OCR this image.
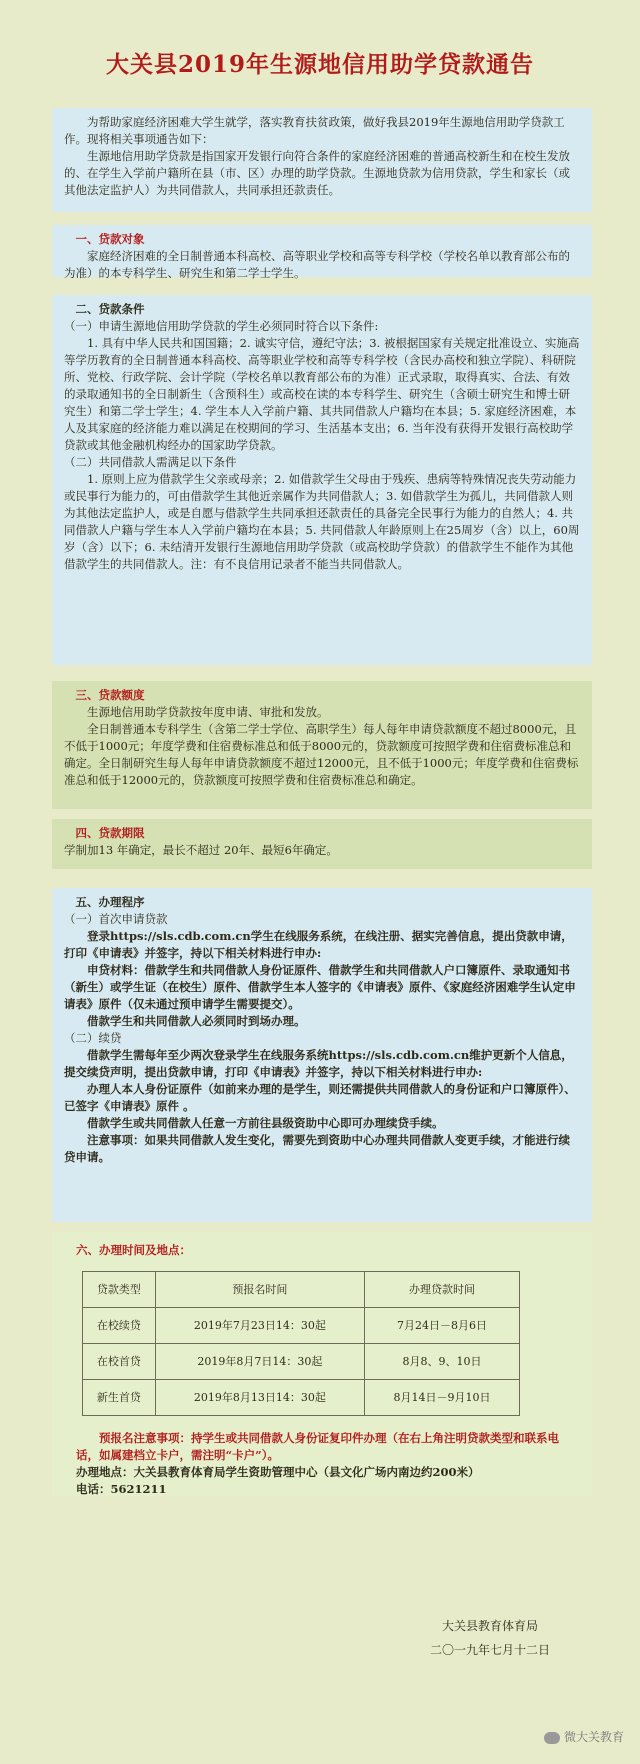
大关县2019年生源地信用助学贷款通告

为帮助家庭经济困难大学生就学，落实教育扶贫政策，做好我县2019年生源地信用助学贷款工作。现将相关事项通告如下：

生源地信用助学贷款是指国家开发银行向符合条件的家庭经济困难的普通高校新生和在校生发放的、在学生入学前户籍所在县（市、区）办理的助学贷款。生源地贷款为信用贷款，学生和家长（或其他法定监护人）为共同借款人，共同承担还款责任。

一、贷款对象

家庭经济困难的全日制普通本科高校、高等职业学校和高等专科学校（学校名单以教育部公布的为准）的本专科学生、研究生和第二学士学生。

二、贷款条件

（一）申请生源地信用助学贷款的学生必须同时符合以下条件:

1. 具有中华人民共和国国籍；2. 诚实守信，遵纪守法；3. 被根据国家有关规定批准设立、实施高等学历教育的全日制普通本科高校、高等职业学校和高等专科学校（含民办高校和独立学院）、科研院所、党校、行政学院、会计学院（学校名单以教育部公布的为准）正式录取，取得真实、合法、有效的录取通知书的全日制新生（含预科生）或高校在读的本专科学生、研究生（含硕士研究生和博士研究生）和第二学士学生；4. 学生本人入学前户籍、其共同借款人户籍均在本县；5. 家庭经济困难，本人及其家庭的经济能力难以满足在校期间的学习、生活基本支出；6. 当年没有获得开发银行高校助学贷款或其他金融机构经办的国家助学贷款。

（二）共同借款人需满足以下条件

1. 原则上应为借款学生父亲或母亲；2. 如借款学生父母由于残疾、患病等特殊情况丧失劳动能力或民事行为能力的，可由借款学生其他近亲属作为共同借款人；3. 如借款学生为孤儿，共同借款人则为其他法定监护人，或是自愿与借款学生共同承担还款责任的具备完全民事行为能力的自然人；4. 共同借款人户籍与学生本人入学前户籍均在本县；5. 共同借款人年龄原则上在25周岁（含）以上，60周岁（含）以下；6. 未结清开发银行生源地信用助学贷款（或高校助学贷款）的借款学生不能作为其他借款学生的共同借款人。注：有不良信用记录者不能当共同借款人。

三、贷款额度

生源地信用助学贷款按年度申请、审批和发放。

全日制普通本专科学生（含第二学士学位、高职学生）每人每年申请贷款额度不超过8000元，且不低于1000元；年度学费和住宿费标准总和低于8000元的，贷款额度可按照学费和住宿费标准总和确定。全日制研究生每人每年申请贷款额度不超过12000元，且不低于1000元；年度学费和住宿费标准总和低于12000元的，贷款额度可按照学费和住宿费标准总和确定。

四、贷款期限

学制加13 年确定，最长不超过 20年、最短6年确定。

五、办理程序

（一）首次申请贷款

登录https://sls.cdb.com.cn学生在线服务系统，在线注册、据实完善信息，提出贷款申请，打印《申请表》并签字，持以下相关材料进行申办:

申贷材料：借款学生和共同借款人身份证原件、借款学生和共同借款人户口簿原件、录取通知书（新生）或学生证（在校生）原件、借款学生本人签字的《申请表》原件、《家庭经济困难学生认定申请表》原件（仅未通过预申请学生需要提交）。

借款学生和共同借款人必须同时到场办理。

（二）续贷

借款学生需每年至少两次登录学生在线服务系统https://sls.cdb.com.cn维护更新个人信息，提交续贷声明，提出贷款申请，打印《申请表》并签字，持以下相关材料进行申办:

办理人本人身份证原件（如前来办理的是学生，则还需提供共同借款人的身份证和户口簿原件）、已签字《申请表》原件 。

借款学生或共同借款人任意一方前往县级资助中心即可办理续贷手续。

注意事项：如果共同借款人发生变化，需要先到资助中心办理共同借款人变更手续，才能进行续贷申请。

六、办理时间及地点：

贷款类型	预报名时间	办理贷款时间
在校续贷	2019年7月23日14：30起	7月24日－8月6日
在校首贷	2019年8月7日14：30起	8月8、9、10日
新生首贷	2019年8月13日14：30起	8月14日－9月10日

预报名注意事项：持学生或共同借款人身份证复印件办理（在右上角注明贷款类型和联系电话，如属建档立卡户，需注明“卡户”）。

办理地点：大关县教育体育局学生资助管理中心（县文化广场内南边约200米）

电话：5621211

大关县教育体育局
二〇一九年七月十二日
微大关教育
